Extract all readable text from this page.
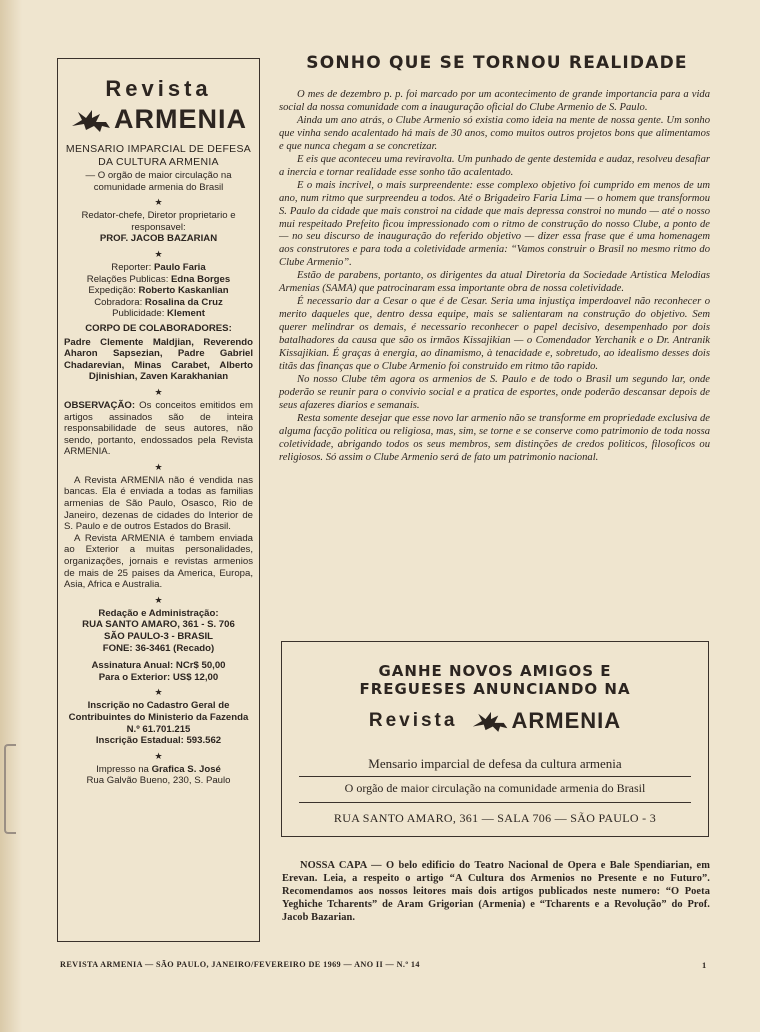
Revista
ARMENIA
MENSARIO IMPARCIAL DE DEFESA DA CULTURA ARMENIA
— O orgão de maior circulação na comunidade armenia do Brasil
★
Redator-chefe, Diretor proprietario e responsavel:
PROF. JACOB BAZARIAN
★
Reporter: Paulo Faria
Relações Publicas: Edna Borges
Expedição: Roberto Kaskanlian
Cobradora: Rosalina da Cruz
Publicidade: Klement
CORPO DE COLABORADORES:
Padre Clemente Maldjian, Reverendo Aharon Sapsezian, Padre Gabriel Chadarevian, Minas Carabet, Alberto Djinishian, Zaven Karakhanian
★
OBSERVAÇÃO: Os conceitos emitidos em artigos assinados são de inteira responsabilidade de seus autores, não sendo, portanto, endossados pela Revista ARMENIA.
★
A Revista ARMENIA não é vendida nas bancas. Ela é enviada a todas as familias armenias de São Paulo, Osasco, Rio de Janeiro, dezenas de cidades do Interior de S. Paulo e de outros Estados do Brasil.
A Revista ARMENIA é tambem enviada ao Exterior a muitas personalidades, organizações, jornais e revistas armenios de mais de 25 paises da America, Europa, Asia, Africa e Australia.
★
Redação e Administração:
RUA SANTO AMARO, 361 - S. 706
SÃO PAULO-3 - BRASIL
FONE: 36-3461 (Recado)
Assinatura Anual: NCr$ 50,00
Para o Exterior: US$ 12,00
★
Inscrição no Cadastro Geral de Contribuintes do Ministerio da Fazenda N.º 61.701.215
Inscrição Estadual: 593.562
★
Impresso na Grafica S. José
Rua Galvão Bueno, 230, S. Paulo
SONHO QUE SE TORNOU REALIDADE

O mes de dezembro p. p. foi marcado por um acontecimento de grande importancia para a vida social da nossa comunidade com a inauguração oficial do Clube Armenio de S. Paulo.

Ainda um ano atrás, o Clube Armenio só existia como ideia na mente de nossa gente. Um sonho que vinha sendo acalentado há mais de 30 anos, como muitos outros projetos bons que alimentamos e que nunca chegam a se concretizar.

E eis que aconteceu uma reviravolta. Um punhado de gente destemida e audaz, resolveu desafiar a inercia e tornar realidade esse sonho tão acalentado.

E o mais incrivel, o mais surpreendente: esse complexo objetivo foi cumprido em menos de um ano, num ritmo que surpreendeu a todos. Até o Brigadeiro Faria Lima — o homem que transformou S. Paulo da cidade que mais constroi na cidade que mais depressa constroi no mundo — até o nosso mui respeitado Prefeito ficou impressionado com o ritmo de construção do nosso Clube, a ponto de — no seu discurso de inauguração do referido objetivo — dizer essa frase que é uma homenagem aos construtores e para toda a coletividade armenia: “Vamos construir o Brasil no mesmo ritmo do Clube Armenio”.

Estão de parabens, portanto, os dirigentes da atual Diretoria da Sociedade Artistica Melodias Armenias (SAMA) que patrocinaram essa importante obra de nossa coletividade.

É necessario dar a Cesar o que é de Cesar. Seria uma injustiça imperdoavel não reconhecer o merito daqueles que, dentro dessa equipe, mais se salientaram na construção do objetivo. Sem querer melindrar os demais, é necessario reconhecer o papel decisivo, desempenhado por dois batalhadores da causa que são os irmãos Kissajikian — o Comendador Yerchanik e o Dr. Antranik Kissajikian. É graças à energia, ao dinamismo, à tenacidade e, sobretudo, ao idealismo desses dois titãs das finanças que o Clube Armenio foi construido em ritmo tão rapido.

No nosso Clube têm agora os armenios de S. Paulo e de todo o Brasil um segundo lar, onde poderão se reunir para o convivio social e a pratica de esportes, onde poderão descansar depois de seus afazeres diarios e semanais.

Resta somente desejar que esse novo lar armenio não se transforme em propriedade exclusiva de alguma facção politica ou religiosa, mas, sim, se torne e se conserve como patrimonio de toda nossa coletividade, abrigando todos os seus membros, sem distinções de credos politicos, filosoficos ou religiosos. Só assim o Clube Armenio será de fato um patrimonio nacional.

GANHE NOVOS AMIGOS E
FREGUESES ANUNCIANDO NA
Revista ARMENIA
Mensario imparcial de defesa da cultura armenia
O orgão de maior circulação na comunidade armenia do Brasil
RUA SANTO AMARO, 361 — SALA 706 — SÃO PAULO - 3
NOSSA CAPA — O belo edificio do Teatro Nacional de Opera e Bale Spendiarian, em Erevan. Leia, a respeito o artigo “A Cultura dos Armenios no Presente e no Futuro”. Recomendamos aos nossos leitores mais dois artigos publicados neste numero: “O Poeta Yeghiche Tcharents” de Aram Grigorian (Armenia) e “Tcharents e a Revolução” do Prof. Jacob Bazarian.
REVISTA ARMENIA — SÃO PAULO, JANEIRO/FEVEREIRO DE 1969 — ANO II — N.º 14	1
